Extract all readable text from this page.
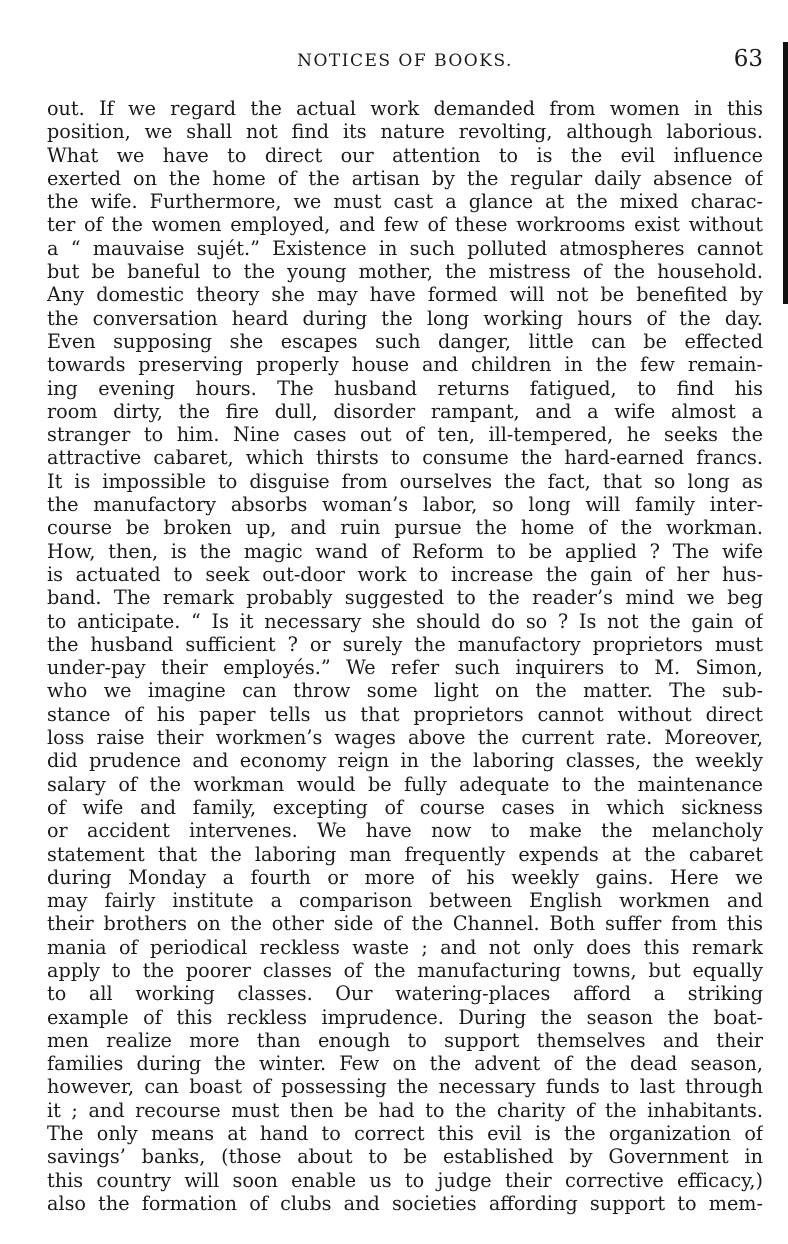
NOTICES OF BOOKS.	63
out. If we regard the actual work demanded from women in this
position, we shall not find its nature revolting, although laborious.
What we have to direct our attention to is the evil influence
exerted on the home of the artisan by the regular daily absence of
the wife. Furthermore, we must cast a glance at the mixed charac-
ter of the women employed, and few of these workrooms exist without
a “ mauvaise sujét.” Existence in such polluted atmospheres cannot
but be baneful to the young mother, the mistress of the household.
Any domestic theory she may have formed will not be benefited by
the conversation heard during the long working hours of the day.
Even supposing she escapes such danger, little can be effected
towards preserving properly house and children in the few remain-
ing evening hours. The husband returns fatigued, to find his
room dirty, the fire dull, disorder rampant, and a wife almost a
stranger to him. Nine cases out of ten, ill-tempered, he seeks the
attractive cabaret, which thirsts to consume the hard-earned francs.
It is impossible to disguise from ourselves the fact, that so long as
the manufactory absorbs woman’s labor, so long will family inter-
course be broken up, and ruin pursue the home of the workman.
How, then, is the magic wand of Reform to be applied ? The wife
is actuated to seek out-door work to increase the gain of her hus-
band. The remark probably suggested to the reader’s mind we beg
to anticipate. “ Is it necessary she should do so ? Is not the gain of
the husband sufficient ? or surely the manufactory proprietors must
under-pay their employés.” We refer such inquirers to M. Simon,
who we imagine can throw some light on the matter. The sub-
stance of his paper tells us that proprietors cannot without direct
loss raise their workmen’s wages above the current rate. Moreover,
did prudence and economy reign in the laboring classes, the weekly
salary of the workman would be fully adequate to the maintenance
of wife and family, excepting of course cases in which sickness
or accident intervenes. We have now to make the melancholy
statement that the laboring man frequently expends at the cabaret
during Monday a fourth or more of his weekly gains. Here we
may fairly institute a comparison between English workmen and
their brothers on the other side of the Channel. Both suffer from this
mania of periodical reckless waste ; and not only does this remark
apply to the poorer classes of the manufacturing towns, but equally
to all working classes. Our watering-places afford a striking
example of this reckless imprudence. During the season the boat-
men realize more than enough to support themselves and their
families during the winter. Few on the advent of the dead season,
however, can boast of possessing the necessary funds to last through
it ; and recourse must then be had to the charity of the inhabitants.
The only means at hand to correct this evil is the organization of
savings’ banks, (those about to be established by Government in
this country will soon enable us to judge their corrective efficacy,)
also the formation of clubs and societies affording support to mem-
